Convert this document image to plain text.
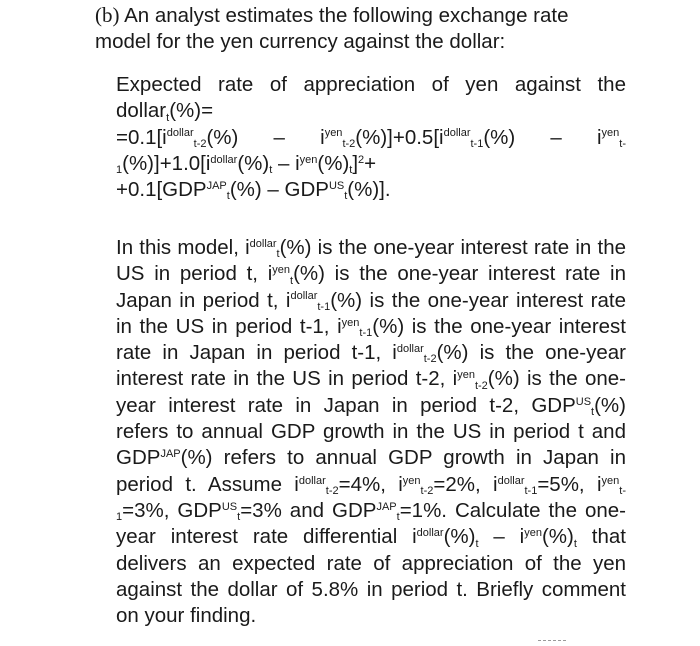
(b) An analyst estimates the following exchange rate
model for the yen currency against the dollar:

Expected rate of appreciation of yen against the dollar$_t$(%)=
$=0.1[i^{dollar}_{t-2}(\%) - i^{yen}_{t-2}(\%)]+0.5[i^{dollar}_{t-1}(\%) - i^{yen}_{t-1}(\%)]+1.0[i^{dollar}(\%)_t - i^{yen}(\%)_t]^2+$
$+0.1[GDP^{JAP}_t(\%) - GDP^{US}_t(\%)]$.

In this model, $i^{dollar}_t(\%)$ is the one-year interest rate in the US in period t, $i^{yen}_t(\%)$ is the one-year interest rate in Japan in period t, $i^{dollar}_{t-1}(\%)$ is the one-year interest rate in the US in period t-1, $i^{yen}_{t-1}(\%)$ is the one-year interest rate in Japan in period t-1, $i^{dollar}_{t-2}(\%)$ is the one-year interest rate in the US in period t-2, $i^{yen}_{t-2}(\%)$ is the one-year interest rate in Japan in period t-2, $GDP^{US}_t(\%)$ refers to annual GDP growth in the US in period t and $GDP^{JAP}(\%)$ refers to annual GDP growth in Japan in period t. Assume $i^{dollar}_{t-2}=4\%$, $i^{yen}_{t-2}=2\%$, $i^{dollar}_{t-1}=5\%$, $i^{yen}_{t-1}=3\%$, $GDP^{US}_t=3\%$ and $GDP^{JAP}_t=1\%$. Calculate the one-year interest rate differential $i^{dollar}(\%)_t - i^{yen}(\%)_t$ that delivers an expected rate of appreciation of the yen against the dollar of 5.8% in period t. Briefly comment on your finding.
